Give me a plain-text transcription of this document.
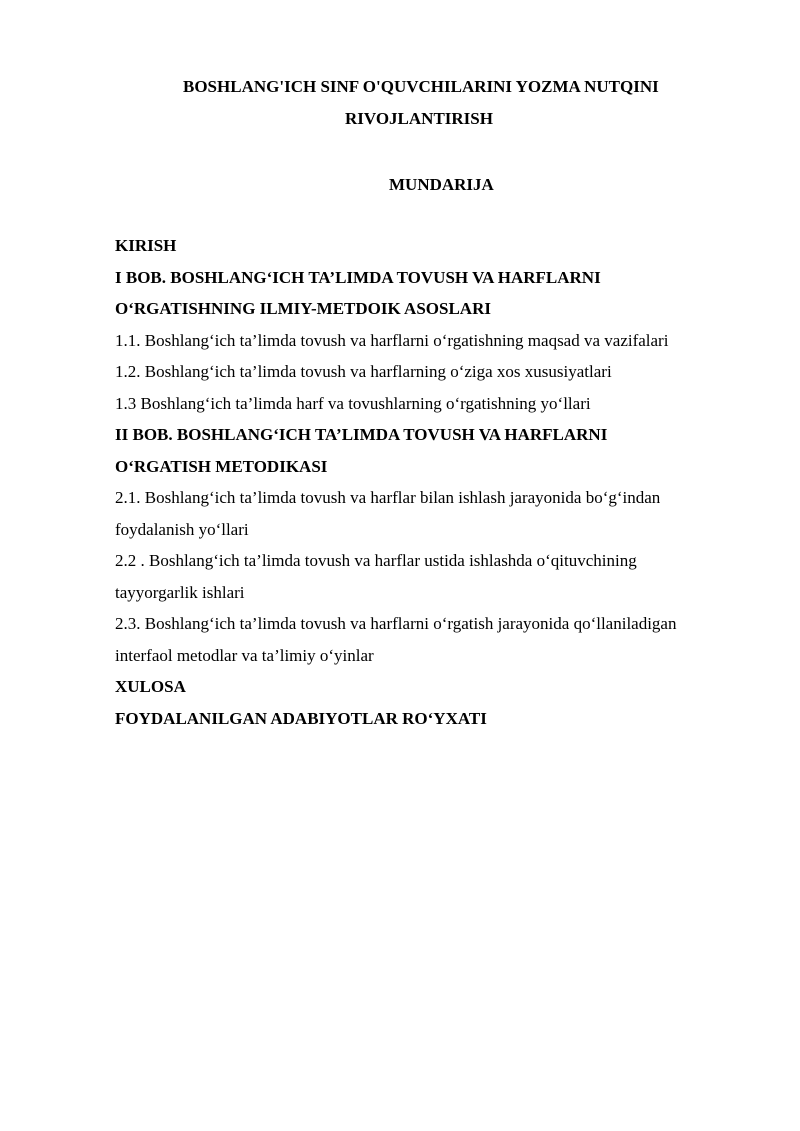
BOSHLANG'ICH SINF O'QUVCHILARINI YOZMA NUTQINI
RIVOJLANTIRISH
MUNDARIJA
KIRISH
I BOB. BOSHLANG‘ICH TA’LIMDA TOVUSH VA HARFLARNI
O‘RGATISHNING ILMIY-METDOIK ASOSLARI
1.1. Boshlang‘ich ta’limda tovush va harflarni o‘rgatishning maqsad va vazifalari
1.2. Boshlang‘ich ta’limda tovush va harflarning o‘ziga xos xususiyatlari
1.3 Boshlang‘ich ta’limda harf va tovushlarning o‘rgatishning yo‘llari
II BOB. BOSHLANG‘ICH TA’LIMDA TOVUSH VA HARFLARNI
O‘RGATISH METODIKASI
2.1. Boshlang‘ich ta’limda tovush va harflar bilan ishlash jarayonida bo‘g‘indan
foydalanish yo‘llari
2.2 . Boshlang‘ich ta’limda tovush va harflar ustida ishlashda o‘qituvchining
tayyorgarlik ishlari
2.3. Boshlang‘ich ta’limda tovush va harflarni o‘rgatish jarayonida qo‘llaniladigan
interfaol metodlar va ta’limiy o‘yinlar
XULOSA
FOYDALANILGAN ADABIYOTLAR RO‘YXATI
